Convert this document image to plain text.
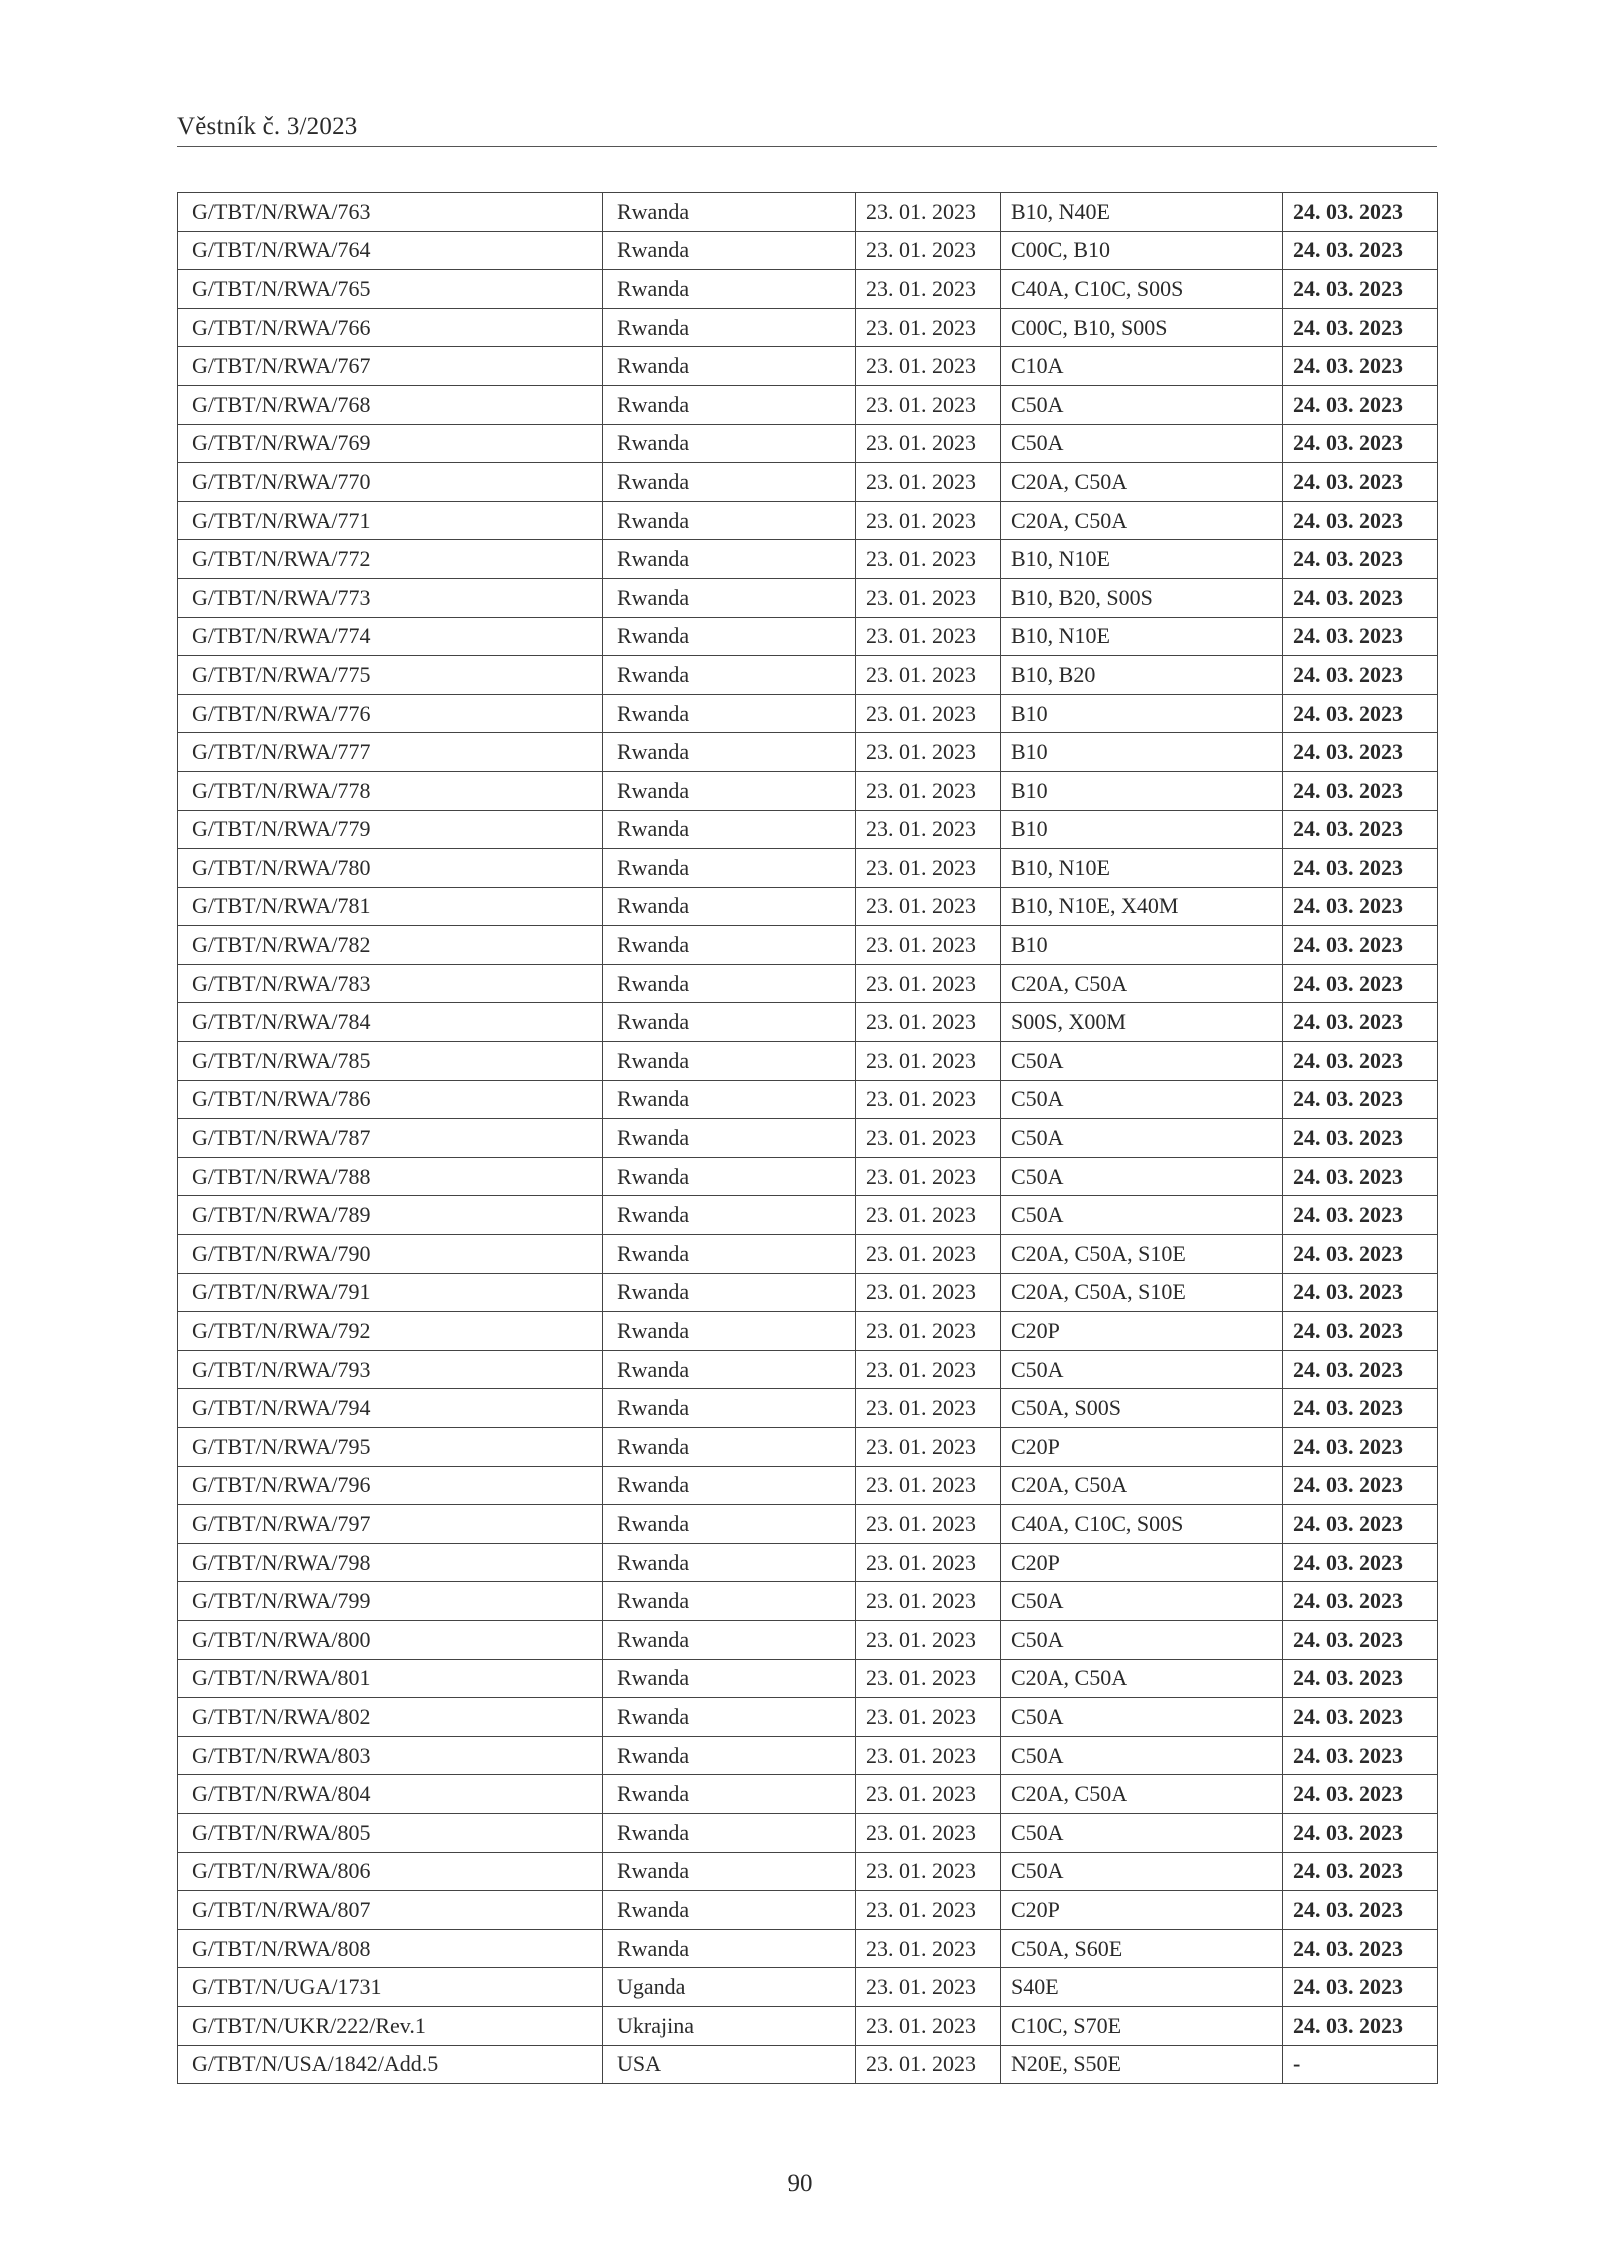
Věstník č. 3/2023
G/TBT/N/RWA/763	Rwanda	23. 01. 2023	B10, N40E	24. 03. 2023
G/TBT/N/RWA/764	Rwanda	23. 01. 2023	C00C, B10	24. 03. 2023
G/TBT/N/RWA/765	Rwanda	23. 01. 2023	C40A, C10C, S00S	24. 03. 2023
G/TBT/N/RWA/766	Rwanda	23. 01. 2023	C00C, B10, S00S	24. 03. 2023
G/TBT/N/RWA/767	Rwanda	23. 01. 2023	C10A	24. 03. 2023
G/TBT/N/RWA/768	Rwanda	23. 01. 2023	C50A	24. 03. 2023
G/TBT/N/RWA/769	Rwanda	23. 01. 2023	C50A	24. 03. 2023
G/TBT/N/RWA/770	Rwanda	23. 01. 2023	C20A, C50A	24. 03. 2023
G/TBT/N/RWA/771	Rwanda	23. 01. 2023	C20A, C50A	24. 03. 2023
G/TBT/N/RWA/772	Rwanda	23. 01. 2023	B10, N10E	24. 03. 2023
G/TBT/N/RWA/773	Rwanda	23. 01. 2023	B10, B20, S00S	24. 03. 2023
G/TBT/N/RWA/774	Rwanda	23. 01. 2023	B10, N10E	24. 03. 2023
G/TBT/N/RWA/775	Rwanda	23. 01. 2023	B10, B20	24. 03. 2023
G/TBT/N/RWA/776	Rwanda	23. 01. 2023	B10	24. 03. 2023
G/TBT/N/RWA/777	Rwanda	23. 01. 2023	B10	24. 03. 2023
G/TBT/N/RWA/778	Rwanda	23. 01. 2023	B10	24. 03. 2023
G/TBT/N/RWA/779	Rwanda	23. 01. 2023	B10	24. 03. 2023
G/TBT/N/RWA/780	Rwanda	23. 01. 2023	B10, N10E	24. 03. 2023
G/TBT/N/RWA/781	Rwanda	23. 01. 2023	B10, N10E, X40M	24. 03. 2023
G/TBT/N/RWA/782	Rwanda	23. 01. 2023	B10	24. 03. 2023
G/TBT/N/RWA/783	Rwanda	23. 01. 2023	C20A, C50A	24. 03. 2023
G/TBT/N/RWA/784	Rwanda	23. 01. 2023	S00S, X00M	24. 03. 2023
G/TBT/N/RWA/785	Rwanda	23. 01. 2023	C50A	24. 03. 2023
G/TBT/N/RWA/786	Rwanda	23. 01. 2023	C50A	24. 03. 2023
G/TBT/N/RWA/787	Rwanda	23. 01. 2023	C50A	24. 03. 2023
G/TBT/N/RWA/788	Rwanda	23. 01. 2023	C50A	24. 03. 2023
G/TBT/N/RWA/789	Rwanda	23. 01. 2023	C50A	24. 03. 2023
G/TBT/N/RWA/790	Rwanda	23. 01. 2023	C20A, C50A, S10E	24. 03. 2023
G/TBT/N/RWA/791	Rwanda	23. 01. 2023	C20A, C50A, S10E	24. 03. 2023
G/TBT/N/RWA/792	Rwanda	23. 01. 2023	C20P	24. 03. 2023
G/TBT/N/RWA/793	Rwanda	23. 01. 2023	C50A	24. 03. 2023
G/TBT/N/RWA/794	Rwanda	23. 01. 2023	C50A, S00S	24. 03. 2023
G/TBT/N/RWA/795	Rwanda	23. 01. 2023	C20P	24. 03. 2023
G/TBT/N/RWA/796	Rwanda	23. 01. 2023	C20A, C50A	24. 03. 2023
G/TBT/N/RWA/797	Rwanda	23. 01. 2023	C40A, C10C, S00S	24. 03. 2023
G/TBT/N/RWA/798	Rwanda	23. 01. 2023	C20P	24. 03. 2023
G/TBT/N/RWA/799	Rwanda	23. 01. 2023	C50A	24. 03. 2023
G/TBT/N/RWA/800	Rwanda	23. 01. 2023	C50A	24. 03. 2023
G/TBT/N/RWA/801	Rwanda	23. 01. 2023	C20A, C50A	24. 03. 2023
G/TBT/N/RWA/802	Rwanda	23. 01. 2023	C50A	24. 03. 2023
G/TBT/N/RWA/803	Rwanda	23. 01. 2023	C50A	24. 03. 2023
G/TBT/N/RWA/804	Rwanda	23. 01. 2023	C20A, C50A	24. 03. 2023
G/TBT/N/RWA/805	Rwanda	23. 01. 2023	C50A	24. 03. 2023
G/TBT/N/RWA/806	Rwanda	23. 01. 2023	C50A	24. 03. 2023
G/TBT/N/RWA/807	Rwanda	23. 01. 2023	C20P	24. 03. 2023
G/TBT/N/RWA/808	Rwanda	23. 01. 2023	C50A, S60E	24. 03. 2023
G/TBT/N/UGA/1731	Uganda	23. 01. 2023	S40E	24. 03. 2023
G/TBT/N/UKR/222/Rev.1	Ukrajina	23. 01. 2023	C10C, S70E	24. 03. 2023
G/TBT/N/USA/1842/Add.5	USA	23. 01. 2023	N20E, S50E	-
90
